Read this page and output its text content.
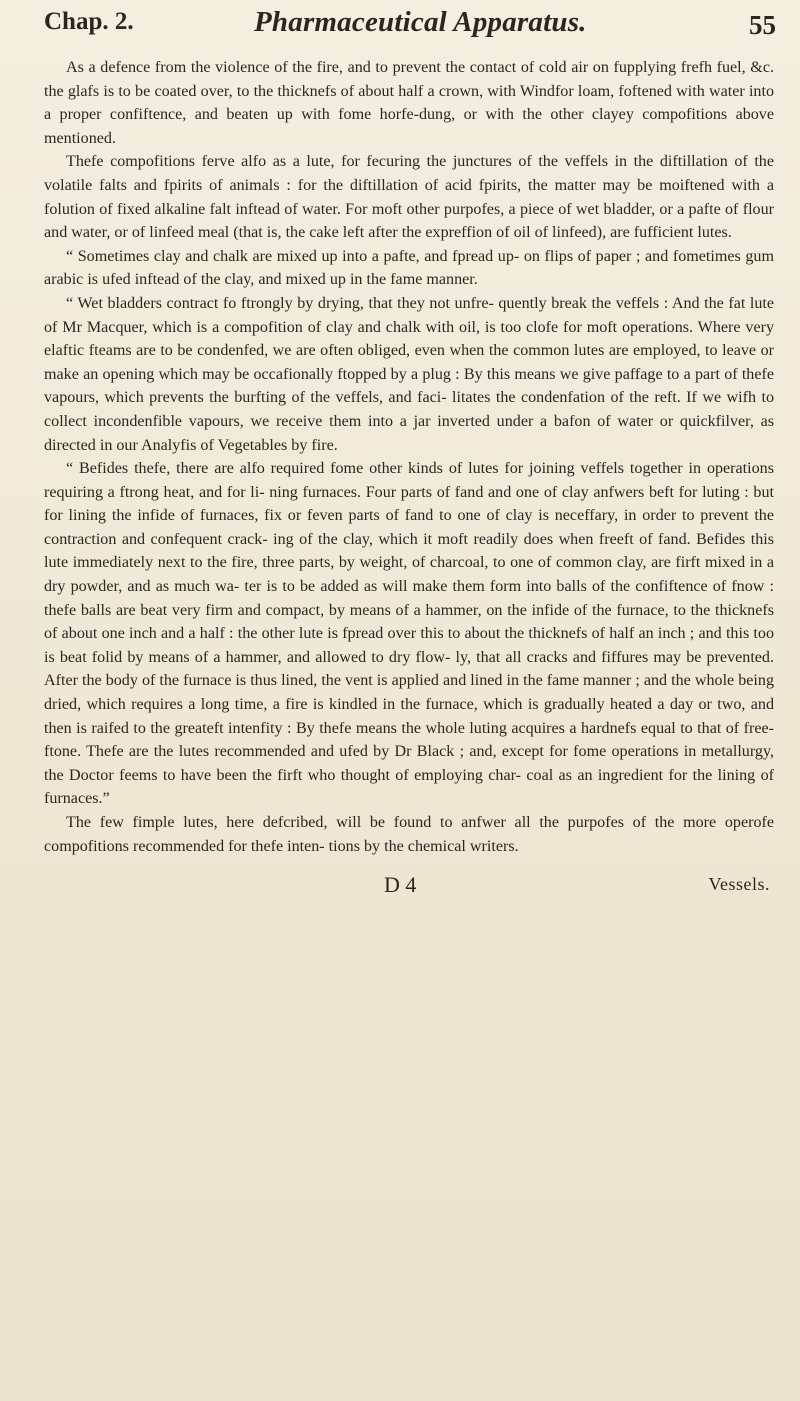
Chap. 2.	Pharmaceutical Apparatus.	55

As a defence from the violence of the fire, and to prevent the contact of cold air on fupplying frefh fuel, &c. the glafs is to be coated over, to the thicknefs of about half a crown, with Windfor loam, foftened with water into a proper confiftence, and beaten up with fome horfe-dung, or with the other clayey compofitions above mentioned.

Thefe compofitions ferve alfo as a lute, for fecuring the junctures of the veffels in the diftillation of the volatile falts and fpirits of animals : for the diftillation of acid fpirits, the matter may be moiftened with a folution of fixed alkaline falt inftead of water. For moft other purpofes, a piece of wet bladder, or a pafte of flour and water, or of linfeed meal (that is, the cake left after the expreffion of oil of linfeed), are fufficient lutes.

“ Sometimes clay and chalk are mixed up into a pafte, and fpread up- on flips of paper ; and fometimes gum arabic is ufed inftead of the clay, and mixed up in the fame manner.

“ Wet bladders contract fo ftrongly by drying, that they not unfre- quently break the veffels : And the fat lute of Mr Macquer, which is a compofition of clay and chalk with oil, is too clofe for moft operations. Where very elaftic fteams are to be condenfed, we are often obliged, even when the common lutes are employed, to leave or make an opening which may be occafionally ftopped by a plug : By this means we give paffage to a part of thefe vapours, which prevents the burfting of the veffels, and faci- litates the condenfation of the reft. If we wifh to collect incondenfible vapours, we receive them into a jar inverted under a bafon of water or quickfilver, as directed in our Analyfis of Vegetables by fire.

“ Befides thefe, there are alfo required fome other kinds of lutes for joining veffels together in operations requiring a ftrong heat, and for li- ning furnaces. Four parts of fand and one of clay anfwers beft for luting : but for lining the infide of furnaces, fix or feven parts of fand to one of clay is neceffary, in order to prevent the contraction and confequent crack- ing of the clay, which it moft readily does when freeft of fand. Befides this lute immediately next to the fire, three parts, by weight, of charcoal, to one of common clay, are firft mixed in a dry powder, and as much wa- ter is to be added as will make them form into balls of the confiftence of fnow : thefe balls are beat very firm and compact, by means of a hammer, on the infide of the furnace, to the thicknefs of about one inch and a half : the other lute is fpread over this to about the thicknefs of half an inch ; and this too is beat folid by means of a hammer, and allowed to dry flow- ly, that all cracks and fiffures may be prevented. After the body of the furnace is thus lined, the vent is applied and lined in the fame manner ; and the whole being dried, which requires a long time, a fire is kindled in the furnace, which is gradually heated a day or two, and then is raifed to the greateft intenfity : By thefe means the whole luting acquires a hardnefs equal to that of free-ftone. Thefe are the lutes recommended and ufed by Dr Black ; and, except for fome operations in metallurgy, the Doctor feems to have been the firft who thought of employing char- coal as an ingredient for the lining of furnaces.”

The few fimple lutes, here defcribed, will be found to anfwer all the purpofes of the more operofe compofitions recommended for thefe inten- tions by the chemical writers.

D 4	Vessels.
